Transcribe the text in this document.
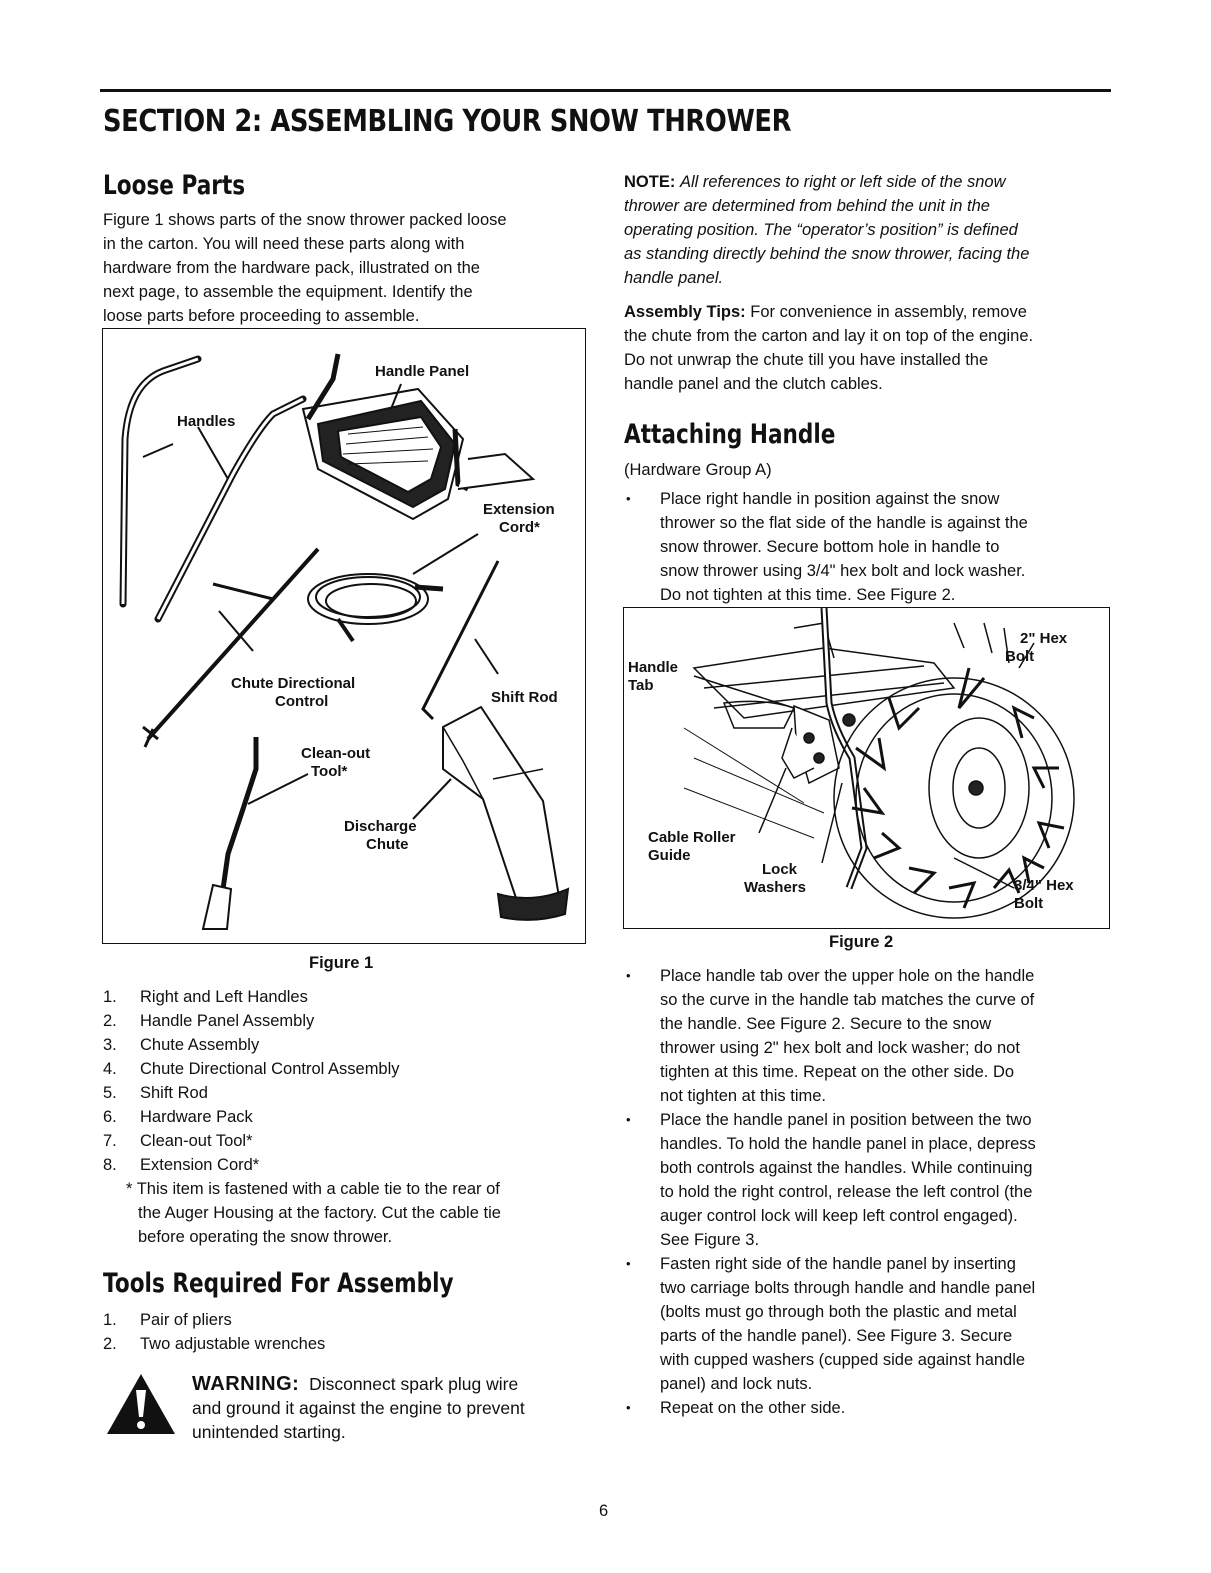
SECTION 2: ASSEMBLING YOUR SNOW THROWER
Loose Parts
Figure 1 shows parts of the snow thrower packed loose
in the carton. You will need these parts along with
hardware from the hardware pack, illustrated on the
next page, to assemble the equipment. Identify the
loose parts before proceeding to assemble.
Handle Panel
Handles
Extension
Cord*
Chute Directional
Control	Shift Rod
Clean-out
Tool*
Discharge
Chute
Figure 1
1.	Right and Left Handles
2.	Handle Panel Assembly
3.	Chute Assembly
4.	Chute Directional Control Assembly
5.	Shift Rod
6.	Hardware Pack
7.	Clean-out Tool*
8.	Extension Cord*
* This item is fastened with a cable tie to the rear of
the Auger Housing at the factory. Cut the cable tie
before operating the snow thrower.
Tools Required For Assembly
1.	Pair of pliers
2.	Two adjustable wrenches
WARNING: Disconnect spark plug wire
and ground it against the engine to prevent
unintended starting.
NOTE: All references to right or left side of the snow
thrower are determined from behind the unit in the
operating position. The “operator’s position” is defined
as standing directly behind the snow thrower, facing the
handle panel.
Assembly Tips: For convenience in assembly, remove
the chute from the carton and lay it on top of the engine.
Do not unwrap the chute till you have installed the
handle panel and the clutch cables.
Attaching Handle
(Hardware Group A)
• Place right handle in position against the snow
thrower so the flat side of the handle is against the
snow thrower. Secure bottom hole in handle to
snow thrower using 3/4" hex bolt and lock washer.
Do not tighten at this time. See Figure 2.
2" Hex
Bolt
Handle
Tab
Cable Roller
Guide
Lock
Washers	3/4" Hex
Bolt
Figure 2
• Place handle tab over the upper hole on the handle
so the curve in the handle tab matches the curve of
the handle. See Figure 2. Secure to the snow
thrower using 2" hex bolt and lock washer; do not
tighten at this time. Repeat on the other side. Do
not tighten at this time.
• Place the handle panel in position between the two
handles. To hold the handle panel in place, depress
both controls against the handles. While continuing
to hold the right control, release the left control (the
auger control lock will keep left control engaged).
See Figure 3.
• Fasten right side of the handle panel by inserting
two carriage bolts through handle and handle panel
(bolts must go through both the plastic and metal
parts of the handle panel). See Figure 3. Secure
with cupped washers (cupped side against handle
panel) and lock nuts.
• Repeat on the other side.
6
